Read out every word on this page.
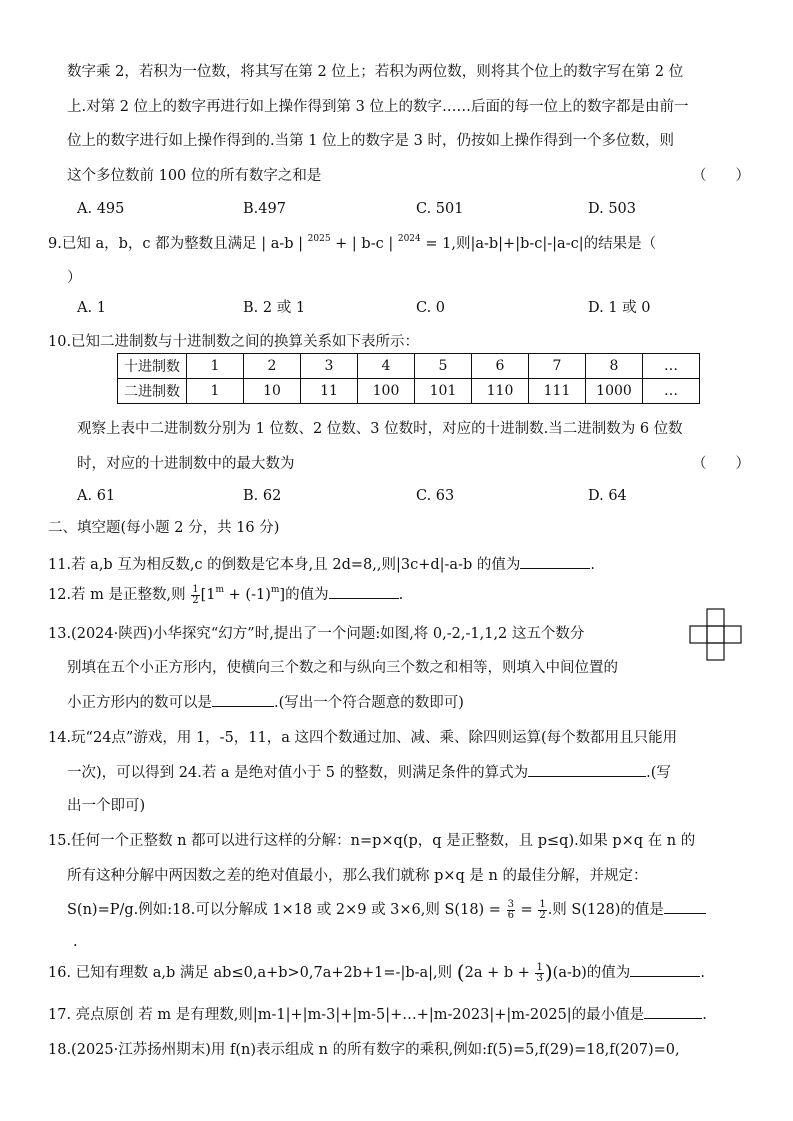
数字乘 2，若积为一位数，将其写在第 2 位上；若积为两位数，则将其个位上的数字写在第 2 位
上.对第 2 位上的数字再进行如上操作得到第 3 位上的数字……后面的每一位上的数字都是由前一
位上的数字进行如上操作得到的.当第 1 位上的数字是 3 时，仍按如上操作得到一个多位数，则
这个多位数前 100 位的所有数字之和是	（　　）
A. 495	B.497	C. 501	D. 503
9.已知 a，b，c 都为整数且满足 | a-b | $^{2025}$ + | b-c | $^{2024}$ = 1,则|a-b|+|b-c|-|a-c|的结果是（
）
A. 1	B. 2 或 1	C. 0	D. 1 或 0
10.已知二进制数与十进制数之间的换算关系如下表所示：
十进制数	1	2	3	4	5	6	7	8	…
二进制数	1	10	11	100	101	110	111	1000	…
观察上表中二进制数分别为 1 位数、2 位数、3 位数时，对应的十进制数.当二进制数为 6 位数
时，对应的十进制数中的最大数为	（　　）
A. 61	B. 62	C. 63	D. 64
二、填空题(每小题 2 分，共 16 分)
11.若 a,b 互为相反数,c 的倒数是它本身,且 2d=8,,则|3c+d|-a-b 的值为	.
12.若 m 是正整数,则 $\frac{1}{2} [1^m + (-1)^m]$的值为	.
13.(2024·陕西)小华探究“幻方”时,提出了一个问题:如图,将 0,-2,-1,1,2 这五个数分
别填在五个小正方形内，使横向三个数之和与纵向三个数之和相等，则填入中间位置的
小正方形内的数可以是	.(写出一个符合题意的数即可)
14.玩“24点”游戏，用 1，-5，11，a 这四个数通过加、减、乘、除四则运算(每个数都用且只能用
一次)，可以得到 24.若 a 是绝对值小于 5 的整数，则满足条件的算式为	.(写
出一个即可)
15.任何一个正整数 n 都可以进行这样的分解：n=p×q(p，q 是正整数，且 p≤q).如果 p×q 在 n 的
所有这种分解中两因数之差的绝对值最小，那么我们就称 p×q 是 n 的最佳分解，并规定：
S(n)=P/g.例如:18.可以分解成 1×18 或 2×9 或 3×6,则 $S(18) = \frac{3}{6} = \frac{1}{2}$ .则 S(128)的值是
.
16. 已知有理数 a,b 满足 ab≤0,a+b>0,7a+2b+1=-|b-a|,则 $(2a + b + \frac{1}{3} )(a-b)$的值为	.
17. 亮点原创 若 m 是有理数,则|m-1|+|m-3|+|m-5|+…+|m-2023|+|m-2025|的最小值是	.
18.(2025·江苏扬州期末)用 f(n)表示组成 n 的所有数字的乘积,例如:f(5)=5,f(29)=18,f(207)=0,
